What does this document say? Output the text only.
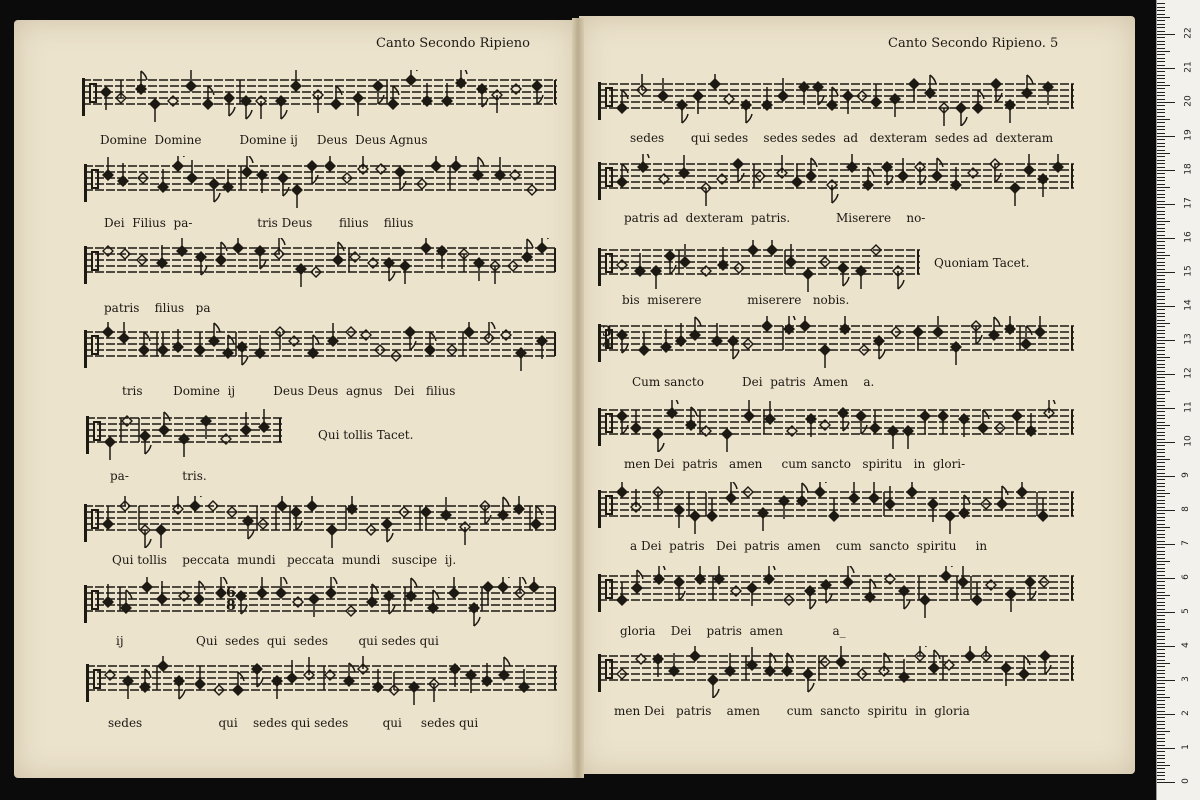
Canto Secondo Ripieno	Canto Secondo Ripieno. 5
Domine  Domine          Domine ij     Deus  Deus Agnus
Dei  Filius  pa-                 tris Deus       filius    filius
patris    filius   pa
tris        Domine  ij          Deus Deus  agnus   Dei   filius
Qui tollis Tacet.
pa-              tris.
Qui tollis    peccata  mundi   peccata  mundi   suscipe  ij.
6
8
ij                   Qui  sedes  qui  sedes        qui sedes qui
sedes                    qui    sedes qui sedes         qui     sedes qui
sedes       qui sedes    sedes sedes  ad   dexteram  sedes ad  dexteram
patris ad  dexteram  patris.            Miserere    no-
Quoniam Tacet.
bis  miserere            miserere   nobis.
3
4
Cum sancto          Dei  patris  Amen    a.
men Dei  patris   amen     cum sancto   spiritu   in  glori-
a Dei  patris   Dei  patris  amen    cum  sancto  spiritu     in
gloria    Dei    patris  amen             a_
men Dei   patris    amen       cum  sancto  spiritu  in  gloria
0
1
2
3
4
5
6
7
8
9
10
11
12
13
14
15
16
17
18
19
20
21
22
